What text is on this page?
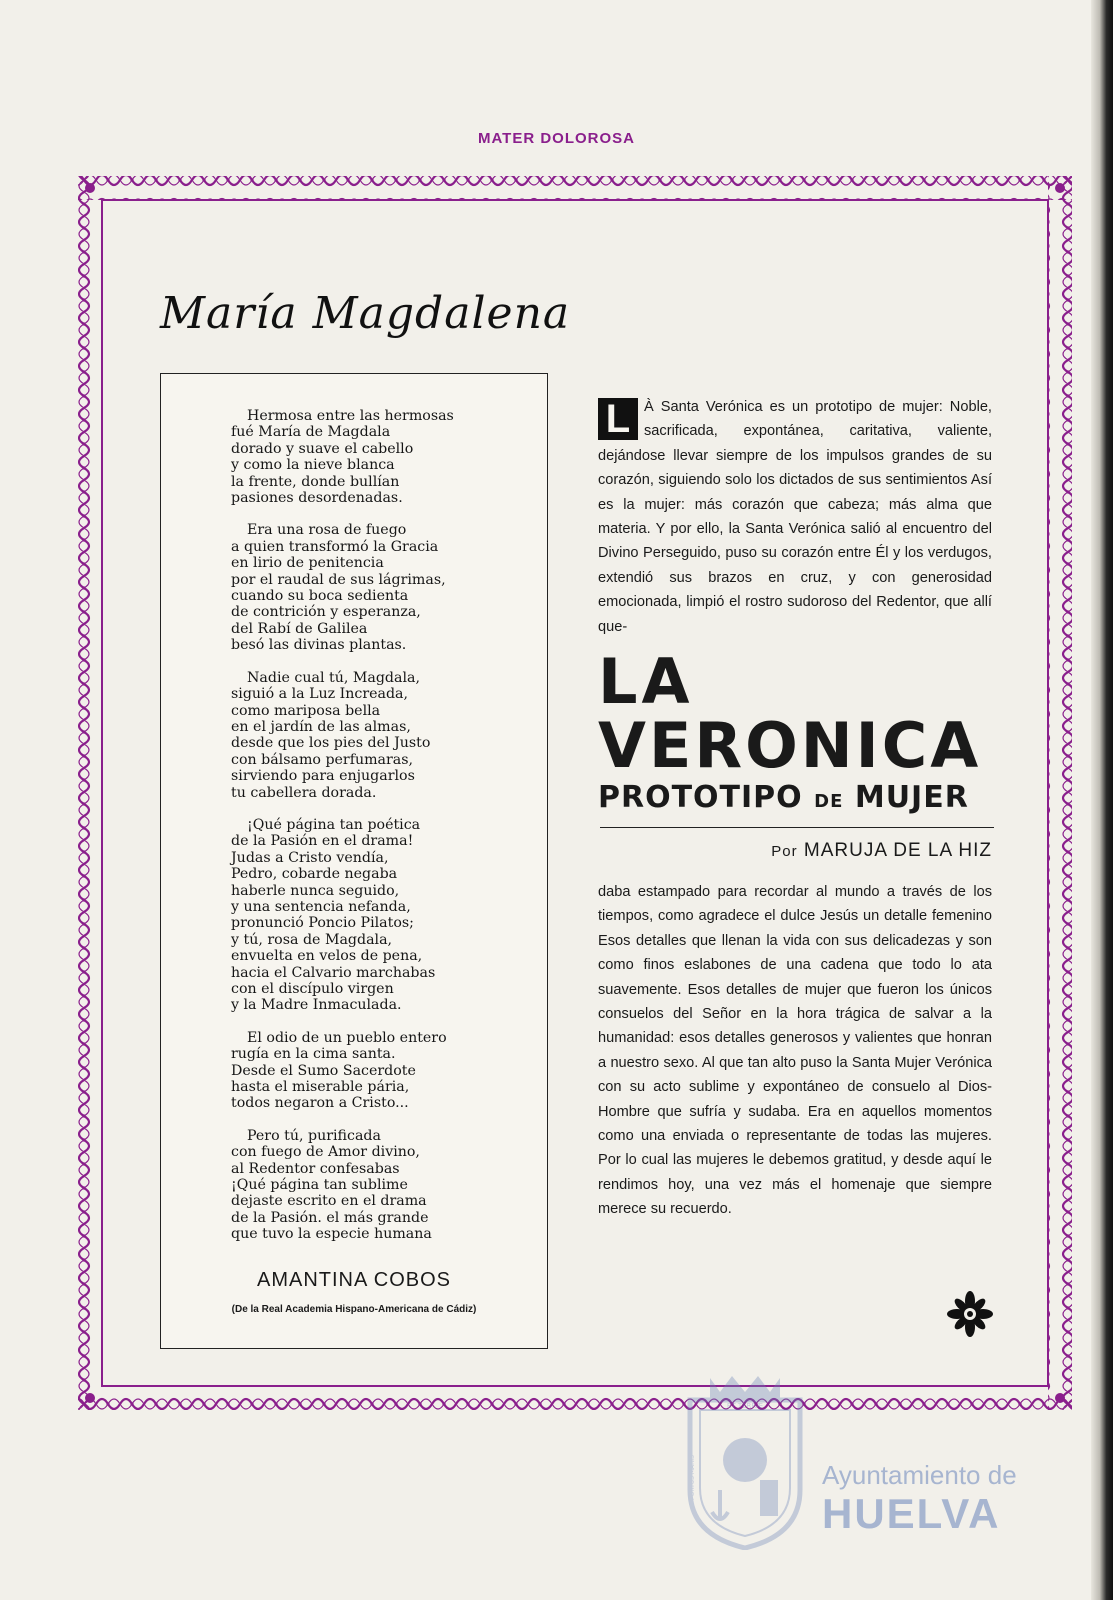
MATER DOLOROSA
María Magdalena
Hermosa entre las hermosas
fué María de Magdala
dorado y suave el cabello
y como la nieve blanca
la frente, donde bullían
pasiones desordenadas.
Era una rosa de fuego
a quien transformó la Gracia
en lirio de penitencia
por el raudal de sus lágrimas,
cuando su boca sedienta
de contrición y esperanza,
del Rabí de Galilea
besó las divinas plantas.
Nadie cual tú, Magdala,
siguió a la Luz Increada,
como mariposa bella
en el jardín de las almas,
desde que los pies del Justo
con bálsamo perfumaras,
sirviendo para enjugarlos
tu cabellera dorada.
¡Qué página tan poética
de la Pasión en el drama!
Judas a Cristo vendía,
Pedro, cobarde negaba
haberle nunca seguido,
y una sentencia nefanda,
pronunció Poncio Pilatos;
y tú, rosa de Magdala,
envuelta en velos de pena,
hacia el Calvario marchabas
con el discípulo virgen
y la Madre Inmaculada.
El odio de un pueblo entero
rugía en la cima santa.
Desde el Sumo Sacerdote
hasta el miserable pária,
todos negaron a Cristo...
Pero tú, purificada
con fuego de Amor divino,
al Redentor confesabas
¡Qué página tan sublime
dejaste escrito en el drama
de la Pasión. el más grande
que tuvo la especie humana
AMANTINA COBOS
(De la Real Academia Hispano-Americana de Cádiz)
L À Santa Verónica es un prototipo de mujer: Noble, sacrificada, expontánea, caritativa, valiente, dejándose llevar siempre de los impulsos grandes de su corazón, siguiendo solo los dictados de sus sentimientos Así es la mujer: más corazón que cabeza; más alma que materia. Y por ello, la Santa Verónica salió al encuentro del Divino Perseguido, puso su corazón entre Él y los verdugos, extendió sus brazos en cruz, y con generosidad emocionada, limpió el rostro sudoroso del Redentor, que allí que-
LA
VERONICA
PROTOTIPO DE MUJER
Por MARUJA DE LA HIZ
daba estampado para recordar al mundo a través de los tiempos, como agradece el dulce Jesús un detalle femenino Esos detalles que llenan la vida con sus delicadezas y son como finos eslabones de una cadena que todo lo ata suavemente. Esos detalles de mujer que fueron los únicos consuelos del Señor en la hora trágica de salvar a la humanidad: esos detalles generosos y valientes que honran a nuestro sexo. Al que tan alto puso la Santa Mujer Verónica con su acto sublime y expontáneo de consuelo al Dios-Hombre que sufría y sudaba. Era en aquellos momentos como una enviada o representante de todas las mujeres. Por lo cual las mujeres le debemos gratitud, y desde aquí le rendimos hoy, una vez más el homenaje que siempre merece su recuerdo.
ET TERRÆ
PORTUS MARIS
CUSTODIA
Ayuntamiento de
HUELVA
